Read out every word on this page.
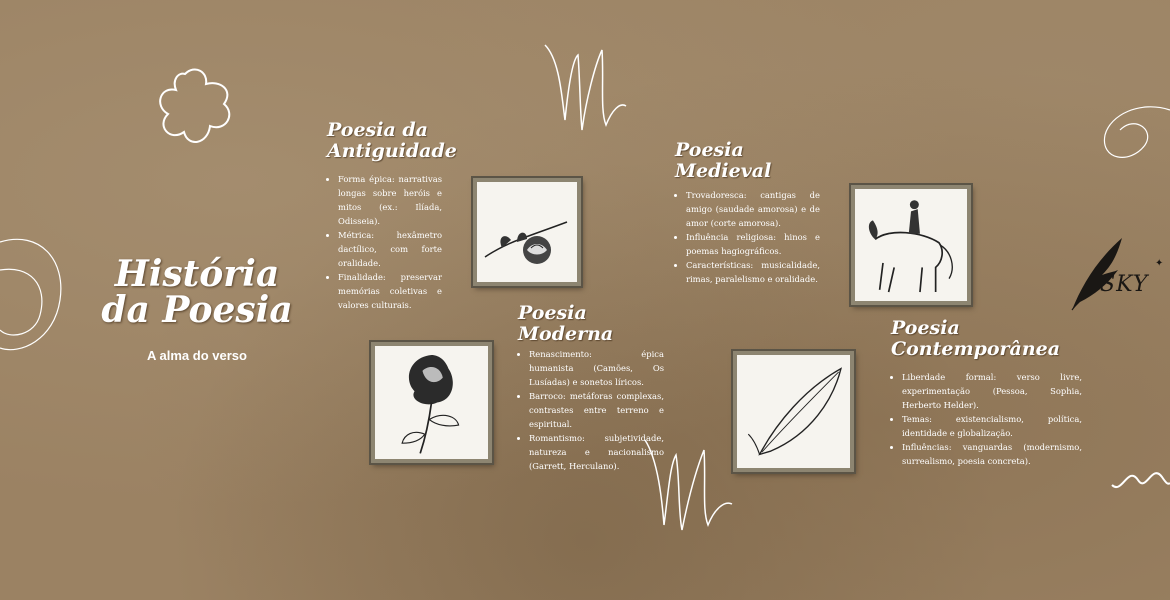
✦
SKY
História da Poesia
A alma do verso
Poesia da Antiguidade
• Forma épica: narrativas longas sobre heróis e mitos (ex.: Ilíada, Odisseia).
• Métrica: hexâmetro dactílico, com forte oralidade.
• Finalidade: preservar memórias coletivas e valores culturais.
Poesia Medieval
• Trovadoresca: cantigas de amigo (saudade amorosa) e de amor (corte amorosa).
• Influência religiosa: hinos e poemas hagiográficos.
• Características: musicalidade, rimas, paralelismo e oralidade.
Poesia Moderna
• Renascimento: épica humanista (Camões, Os Lusíadas) e sonetos líricos.
• Barroco: metáforas complexas, contrastes entre terreno e espiritual.
• Romantismo: subjetividade, natureza e nacionalismo (Garrett, Herculano).
Poesia Contemporânea
• Liberdade formal: verso livre, experimentação (Pessoa, Sophia, Herberto Helder).
• Temas: existencialismo, política, identidade e globalização.
• Influências: vanguardas (modernismo, surrealismo, poesia concreta).
